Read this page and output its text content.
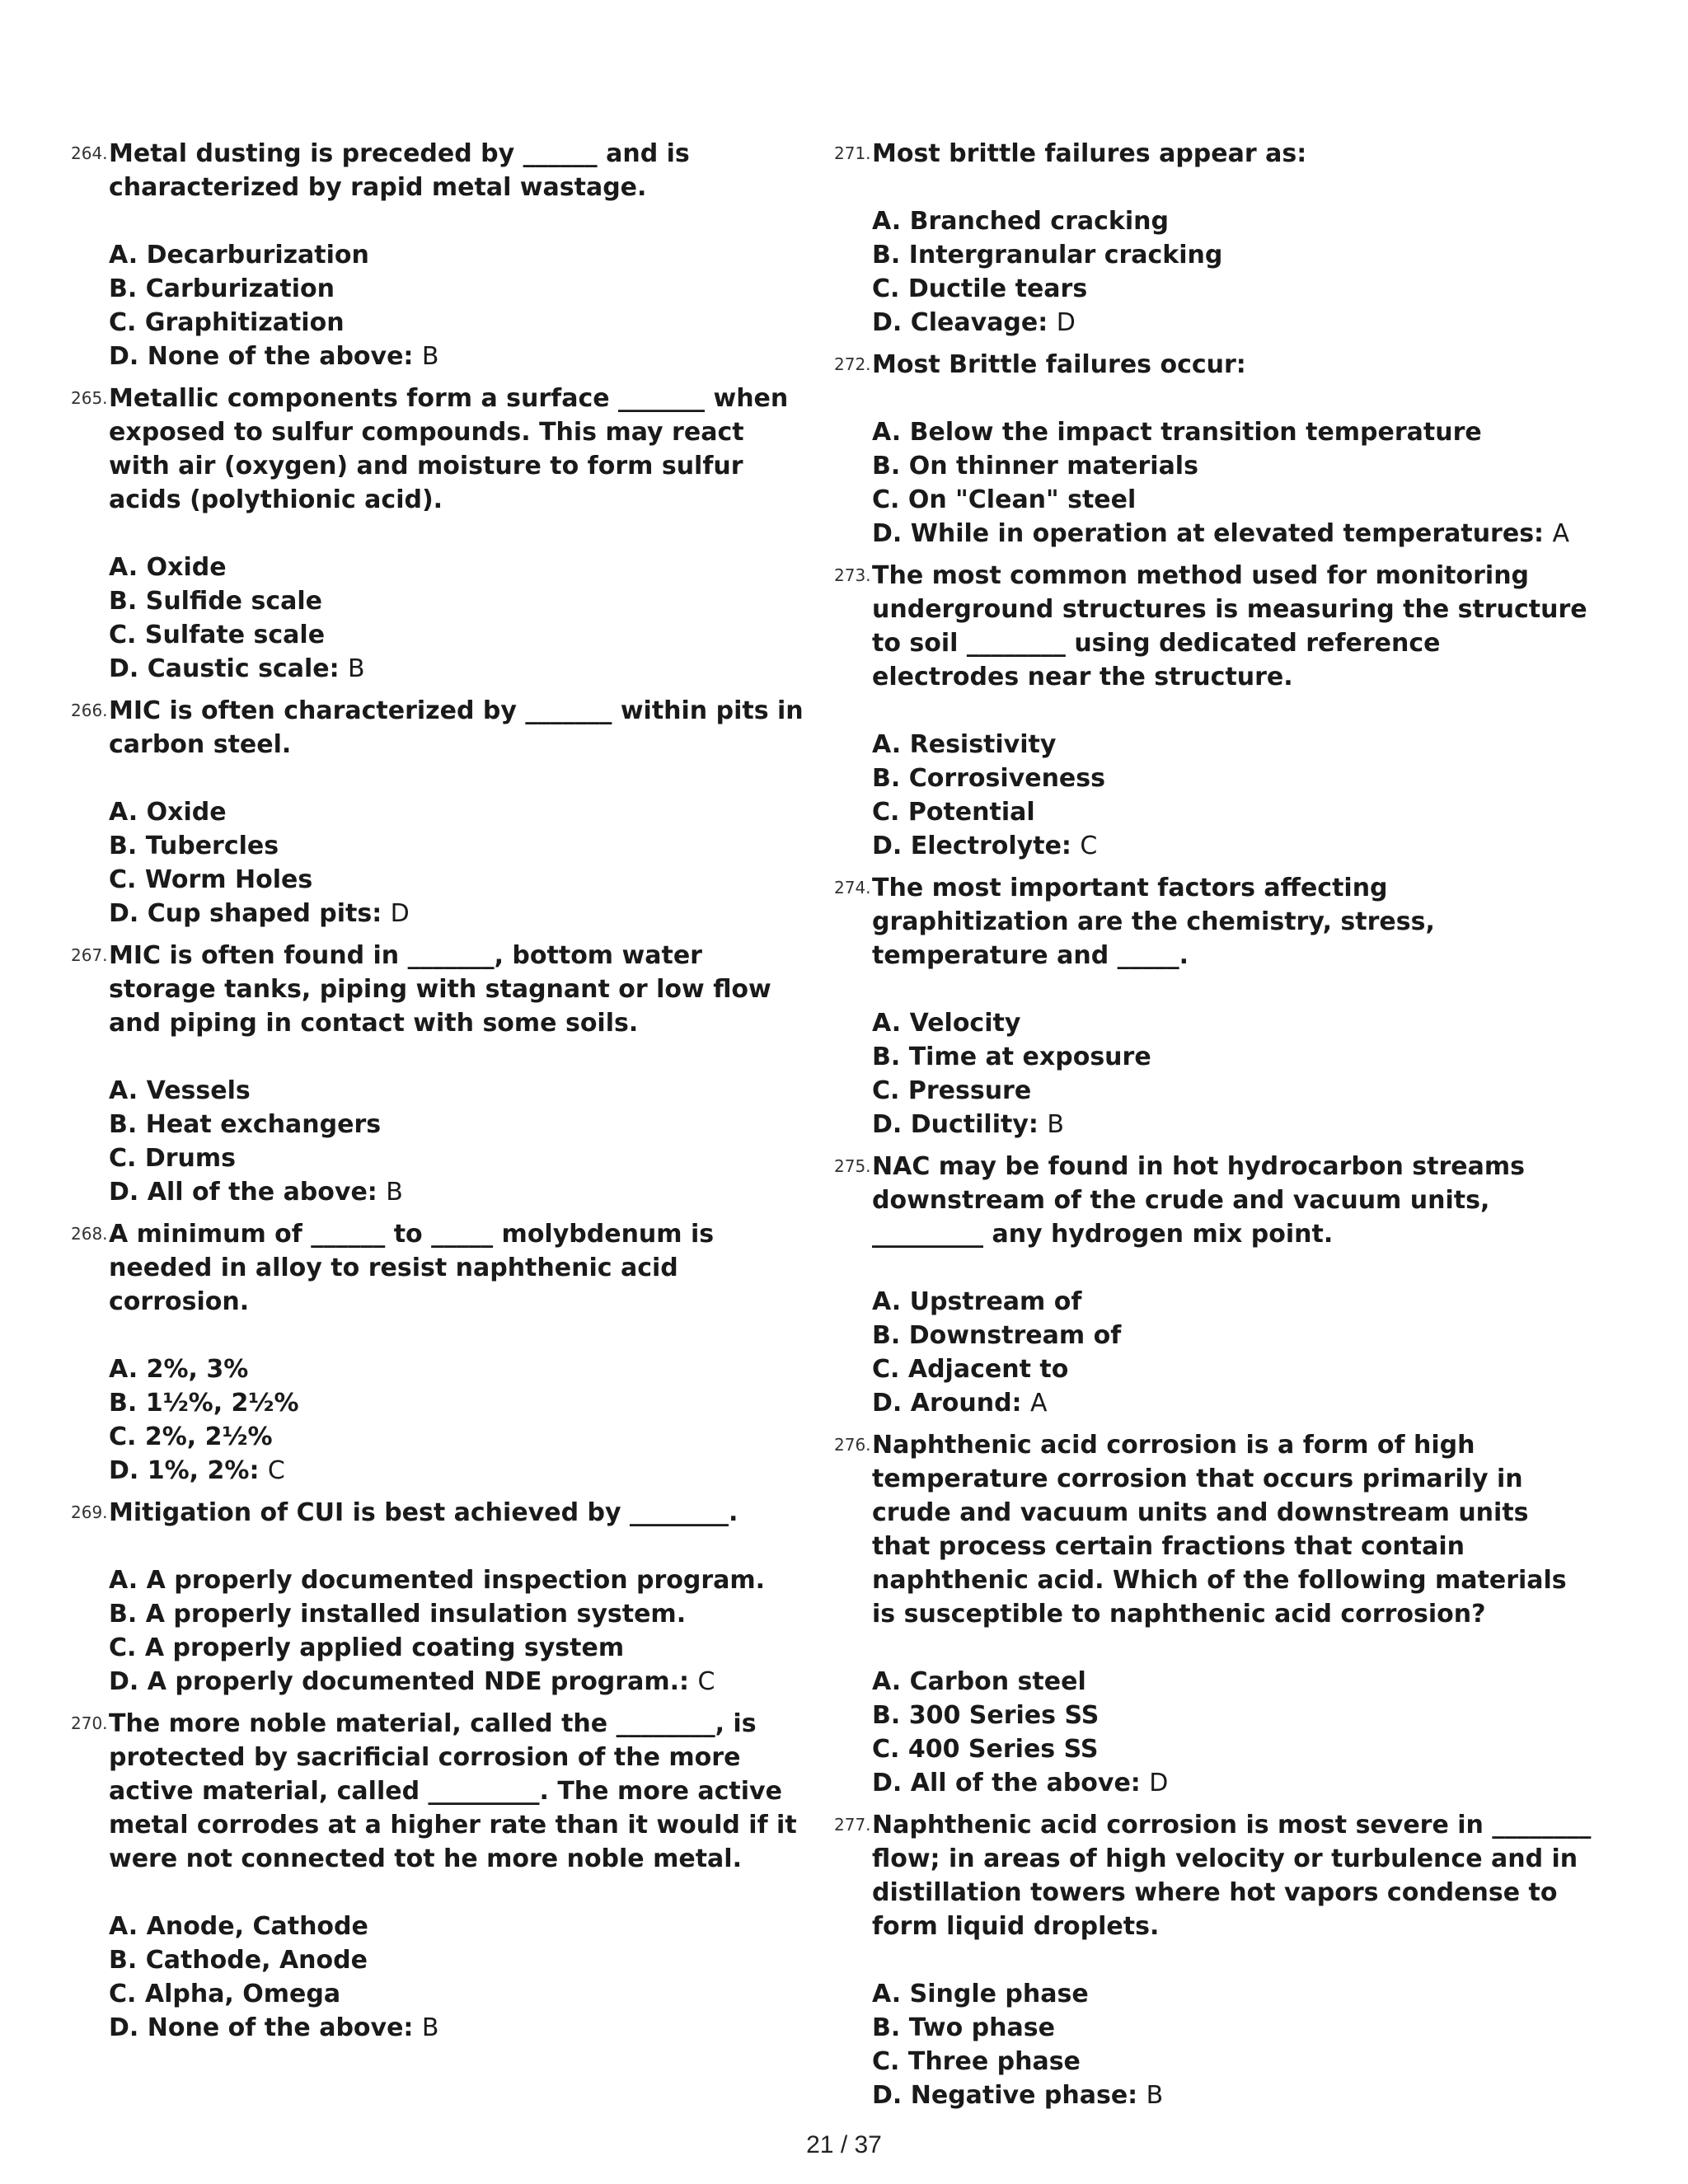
264. Metal dusting is preceded by ______ and is characterized by rapid metal wastage.

A. Decarburization
B. Carburization
C. Graphitization
D. None of the above: B

265. Metallic components form a surface _______ when exposed to sulfur compounds. This may react with air (oxygen) and moisture to form sulfur acids (polythionic acid).

A. Oxide
B. Sulfide scale
C. Sulfate scale
D. Caustic scale: B

266. MIC is often characterized by _______ within pits in carbon steel.

A. Oxide
B. Tubercles
C. Worm Holes
D. Cup shaped pits: D

267. MIC is often found in _______, bottom water storage tanks, piping with stagnant or low flow and piping in contact with some soils.

A. Vessels
B. Heat exchangers
C. Drums
D. All of the above: B

268. A minimum of ______ to _____ molybdenum is needed in alloy to resist naphthenic acid corrosion.

A. 2%, 3%
B. 1½%, 2½%
C. 2%, 2½%
D. 1%, 2%: C

269. Mitigation of CUI is best achieved by ________.

A. A properly documented inspection program.
B. A properly installed insulation system.
C. A properly applied coating system
D. A properly documented NDE program.: C

270. The more noble material, called the ________, is protected by sacrificial corrosion of the more active material, called _________. The more active metal corrodes at a higher rate than it would if it were not connected tot he more noble metal.

A. Anode, Cathode
B. Cathode, Anode
C. Alpha, Omega
D. None of the above: B

271. Most brittle failures appear as:

A. Branched cracking
B. Intergranular cracking
C. Ductile tears
D. Cleavage: D

272. Most Brittle failures occur:

A. Below the impact transition temperature
B. On thinner materials
C. On "Clean" steel
D. While in operation at elevated temperatures: A

273. The most common method used for monitoring underground structures is measuring the structure to soil ________ using dedicated reference electrodes near the structure.

A. Resistivity
B. Corrosiveness
C. Potential
D. Electrolyte: C

274. The most important factors affecting graphitization are the chemistry, stress, temperature and _____.

A. Velocity
B. Time at exposure
C. Pressure
D. Ductility: B

275. NAC may be found in hot hydrocarbon streams downstream of the crude and vacuum units, _________ any hydrogen mix point.

A. Upstream of
B. Downstream of
C. Adjacent to
D. Around: A

276. Naphthenic acid corrosion is a form of high temperature corrosion that occurs primarily in crude and vacuum units and downstream units that process certain fractions that contain naphthenic acid. Which of the following materials is susceptible to naphthenic acid corrosion?

A. Carbon steel
B. 300 Series SS
C. 400 Series SS
D. All of the above: D

277. Naphthenic acid corrosion is most severe in ________ flow; in areas of high velocity or turbulence and in distillation towers where hot vapors condense to form liquid droplets.

A. Single phase
B. Two phase
C. Three phase
D. Negative phase: B
21 / 37
